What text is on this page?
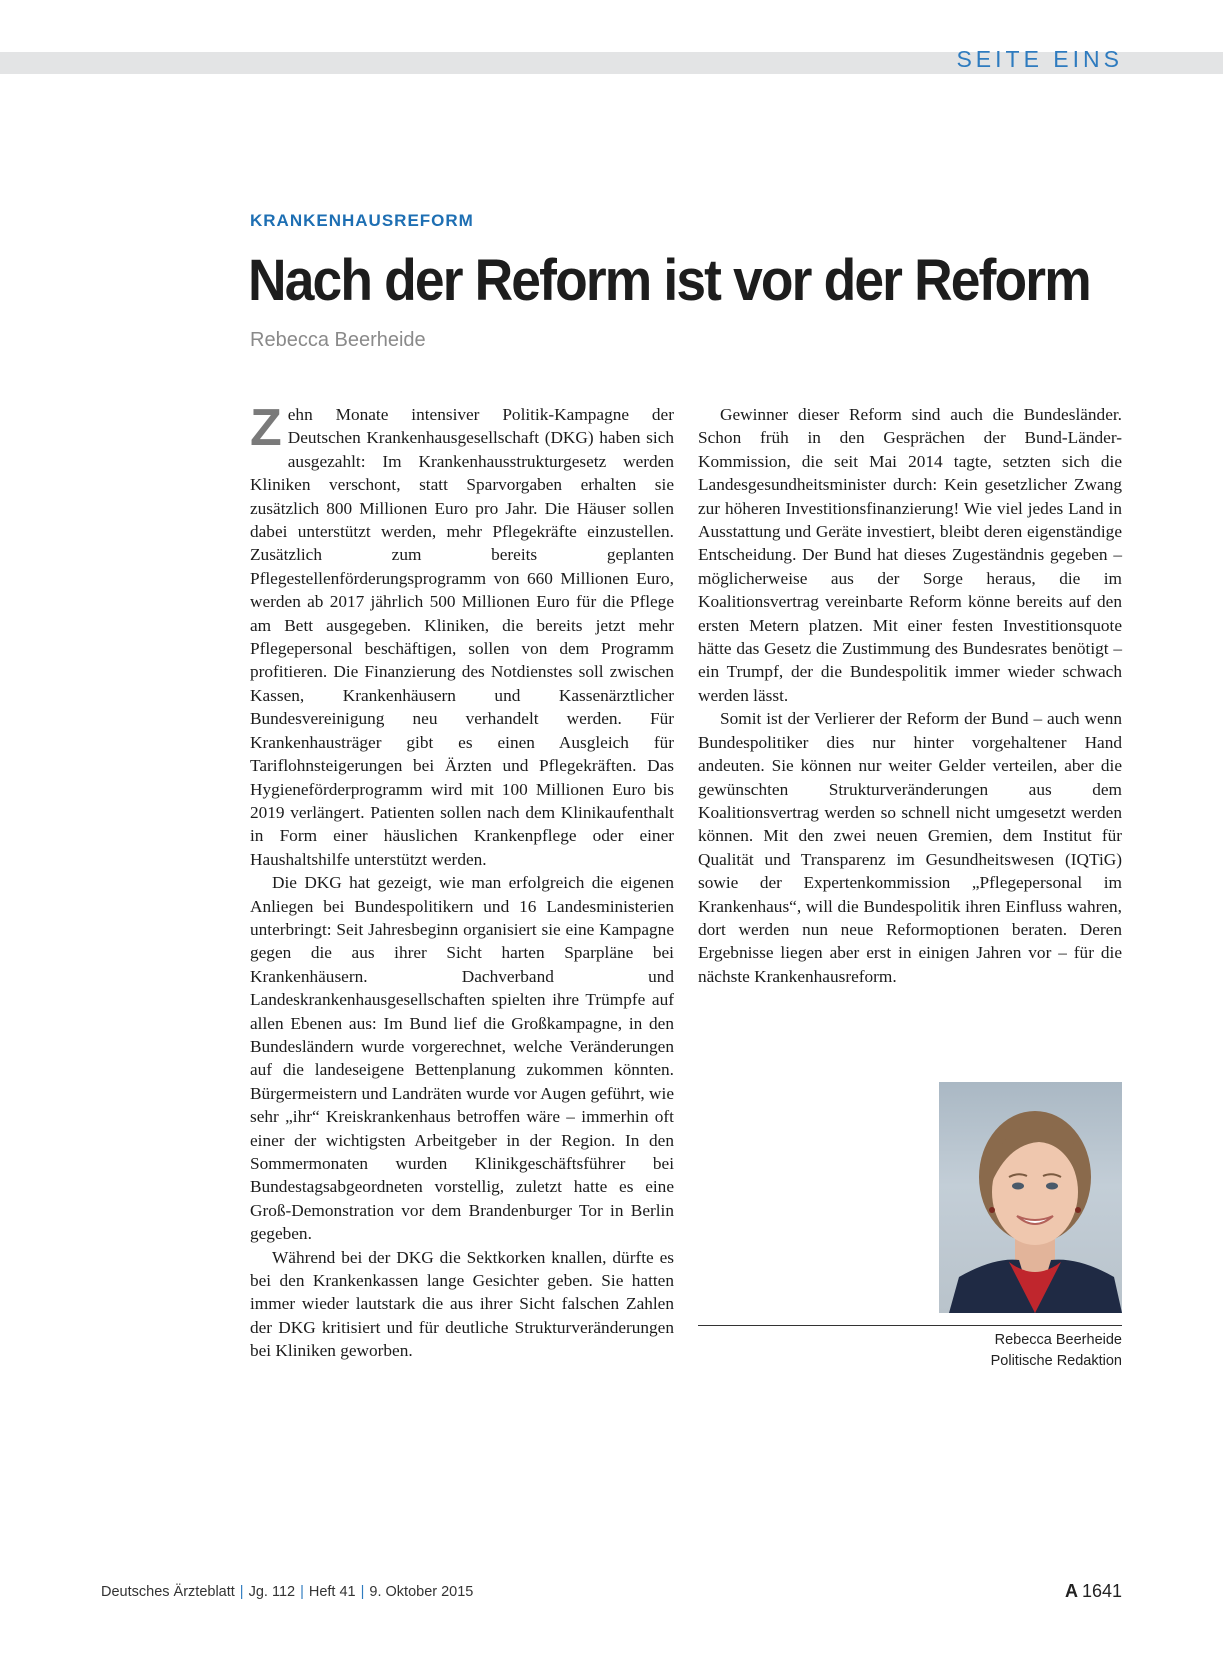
SEITE EINS
KRANKENHAUSREFORM
Nach der Reform ist vor der Reform
Rebecca Beerheide

Zehn Monate intensiver Politik-Kampagne der Deutschen Krankenhausgesellschaft (DKG) haben sich ausgezahlt: Im Krankenhausstrukturgesetz werden Kliniken verschont, statt Sparvorgaben erhalten sie zusätzlich 800 Millionen Euro pro Jahr. Die Häuser sollen dabei unterstützt werden, mehr Pflegekräfte einzustellen. Zusätzlich zum bereits geplanten Pflegestellenförderungsprogramm von 660 Millionen Euro, werden ab 2017 jährlich 500 Millionen Euro für die Pflege am Bett ausgegeben. Kliniken, die bereits jetzt mehr Pflegepersonal beschäftigen, sollen von dem Programm profitieren. Die Finanzierung des Notdienstes soll zwischen Kassen, Krankenhäusern und Kassenärztlicher Bundesvereinigung neu verhandelt werden. Für Krankenhausträger gibt es einen Ausgleich für Tariflohnsteigerungen bei Ärzten und Pflegekräften. Das Hygieneförderprogramm wird mit 100 Millionen Euro bis 2019 verlängert. Patienten sollen nach dem Klinikaufenthalt in Form einer häuslichen Krankenpflege oder einer Haushaltshilfe unterstützt werden.

Die DKG hat gezeigt, wie man erfolgreich die eigenen Anliegen bei Bundespolitikern und 16 Landesministerien unterbringt: Seit Jahresbeginn organisiert sie eine Kampagne gegen die aus ihrer Sicht harten Sparpläne bei Krankenhäusern. Dachverband und Landeskrankenhausgesellschaften spielten ihre Trümpfe auf allen Ebenen aus: Im Bund lief die Großkampagne, in den Bundesländern wurde vorgerechnet, welche Veränderungen auf die landeseigene Bettenplanung zukommen könnten. Bürgermeistern und Landräten wurde vor Augen geführt, wie sehr „ihr“ Kreiskrankenhaus betroffen wäre – immerhin oft einer der wichtigsten Arbeitgeber in der Region. In den Sommermonaten wurden Klinikgeschäftsführer bei Bundestagsabgeordneten vorstellig, zuletzt hatte es eine Groß-Demonstration vor dem Brandenburger Tor in Berlin gegeben.

Während bei der DKG die Sektkorken knallen, dürfte es bei den Krankenkassen lange Gesichter geben. Sie hatten immer wieder lautstark die aus ihrer Sicht falschen Zahlen der DKG kritisiert und für deutliche Strukturveränderungen bei Kliniken geworben.

Gewinner dieser Reform sind auch die Bundesländer. Schon früh in den Gesprächen der Bund-Länder-Kommission, die seit Mai 2014 tagte, setzten sich die Landesgesundheitsminister durch: Kein gesetzlicher Zwang zur höheren Investitionsfinanzierung! Wie viel jedes Land in Ausstattung und Geräte investiert, bleibt deren eigenständige Entscheidung. Der Bund hat dieses Zugeständnis gegeben – möglicherweise aus der Sorge heraus, die im Koalitionsvertrag vereinbarte Reform könne bereits auf den ersten Metern platzen. Mit einer festen Investitionsquote hätte das Gesetz die Zustimmung des Bundesrates benötigt – ein Trumpf, der die Bundespolitik immer wieder schwach werden lässt.

Somit ist der Verlierer der Reform der Bund – auch wenn Bundespolitiker dies nur hinter vorgehaltener Hand andeuten. Sie können nur weiter Gelder verteilen, aber die gewünschten Strukturveränderungen aus dem Koalitionsvertrag werden so schnell nicht umgesetzt werden können. Mit den zwei neuen Gremien, dem Institut für Qualität und Transparenz im Gesundheitswesen (IQTiG) sowie der Expertenkommission „Pflegepersonal im Krankenhaus“, will die Bundespolitik ihren Einfluss wahren, dort werden nun neue Reformoptionen beraten. Deren Ergebnisse liegen aber erst in einigen Jahren vor – für die nächste Krankenhausreform.

Rebecca Beerheide
Politische Redaktion
Deutsches Ärzteblatt | Jg. 112 | Heft 41 | 9. Oktober 2015	A 1641
